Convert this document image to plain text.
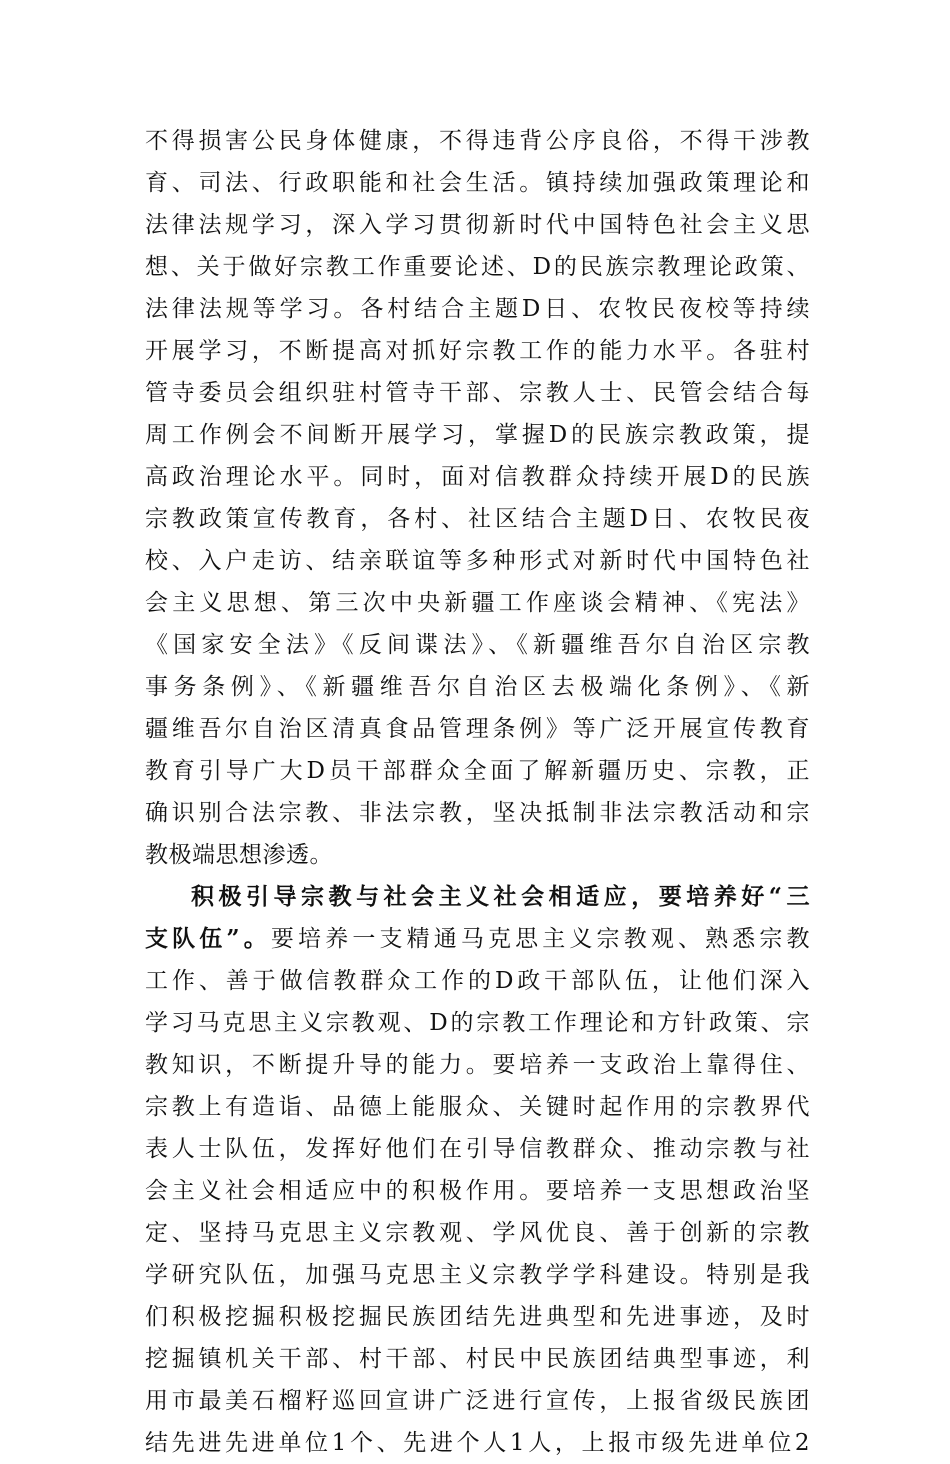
不得损害公民身体健康，不得违背公序良俗，不得干涉教
育、司法、行政职能和社会生活。镇持续加强政策理论和
法律法规学习，深入学习贯彻新时代中国特色社会主义思
想、关于做好宗教工作重要论述、D的民族宗教理论政策、
法律法规等学习。各村结合主题D日、农牧民夜校等持续
开展学习，不断提高对抓好宗教工作的能力水平。各驻村
管寺委员会组织驻村管寺干部、宗教人士、民管会结合每
周工作例会不间断开展学习，掌握D的民族宗教政策，提
高政治理论水平。同时，面对信教群众持续开展D的民族
宗教政策宣传教育，各村、社区结合主题D日、农牧民夜
校、入户走访、结亲联谊等多种形式对新时代中国特色社
会主义思想、第三次中央新疆工作座谈会精神、《宪法》
《国家安全法》《反间谍法》、《新疆维吾尔自治区宗教
事务条例》、《新疆维吾尔自治区去极端化条例》、《新
疆维吾尔自治区清真食品管理条例》等广泛开展宣传教育
教育引导广大D员干部群众全面了解新疆历史、宗教，正
确识别合法宗教、非法宗教，坚决抵制非法宗教活动和宗
教极端思想渗透。
积极引导宗教与社会主义社会相适应，要培养好“三
支队伍”。要培养一支精通马克思主义宗教观、熟悉宗教
工作、善于做信教群众工作的D政干部队伍，让他们深入
学习马克思主义宗教观、D的宗教工作理论和方针政策、宗
教知识，不断提升导的能力。要培养一支政治上靠得住、
宗教上有造诣、品德上能服众、关键时起作用的宗教界代
表人士队伍，发挥好他们在引导信教群众、推动宗教与社
会主义社会相适应中的积极作用。要培养一支思想政治坚
定、坚持马克思主义宗教观、学风优良、善于创新的宗教
学研究队伍，加强马克思主义宗教学学科建设。特别是我
们积极挖掘积极挖掘民族团结先进典型和先进事迹，及时
挖掘镇机关干部、村干部、村民中民族团结典型事迹，利
用市最美石榴籽巡回宣讲广泛进行宣传，上报省级民族团
结先进先进单位1个、先进个人1人，上报市级先进单位2
